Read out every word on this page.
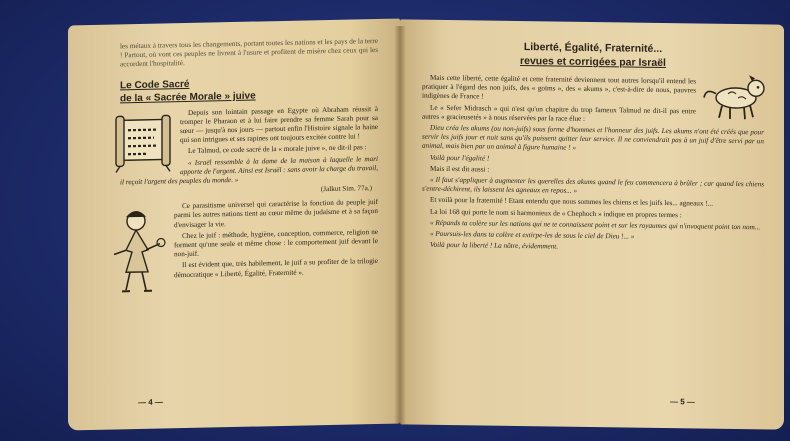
les métaux à travers tous les changements, portant toutes les nations et les pays de la terre ! Partout, où vont ces peuples ne livrent à l'usure et profitent de misère chez ceux qui les accordent l'hospitalité.

Le Code Sacré
de la « Sacrée Morale » juive

Depuis son lointain passage en Egypte où Abraham réussit à tromper le Pharaon et à lui faire prendre sa femme Sarah pour sa sœur — jusqu'à nos jours — partout enfin l'Histoire signale la haine qui son intrigues et ses rapines ont toujours excitée contre lui !

Le Talmud, ce code sacré de la « morale juive », ne dit-il pas :

« Israël ressemble à la dame de la maison à laquelle le mari apporte de l'argent. Ainsi est Israël : sans avoir la charge du travail, il reçoit l'argent des peuples du monde. »

(Jalkut Sim. 77a.)

Ce parasitisme universel qui caractérise la fonction du peuple juif parmi les autres nations tient au cœur même du judaïsme et à sa façon d'envisager la vie.

Chez le juif : méthode, hygiène, conception, commerce, religion ne forment qu'une seule et même chose : le comportement juif devant le non-juif.

Il est évident que, très habilement, le juif a su profiter de la trilogie démocratique « Liberté, Égalité, Fraternité ».

— 4 —
Liberté, Égalité, Fraternité...
revues et corrigées par Israël

Mais cette liberté, cette égalité et cette fraternité deviennent tout autres lorsqu'il entend les pratiquer à l'égard des non juifs, des « goïms », des « akums », c'est-à-dire de nous, pauvres indigènes de France !

Le « Sefer Midrasch » qui n'est qu'un chapitre du trop fameux Talmud ne dit-il pas entre autres « gracieusetés » à nous réservées par la race élue :

Dieu créa les akums (ou non-juifs) sous forme d'hommes et l'honneur des juifs. Les akums n'ont été créés que pour servir les juifs jour et nuit sans qu'ils puissent quitter leur service. Il ne conviendrait pas à un juif d'être servi par un animal, mais bien par un animal à figure humaine ! »

Voilà pour l'égalité !

Mais il est dit aussi :

« Il faut s'appliquer à augmenter les querelles des akums quand le feu commencera à brûler ; car quand les chiens s'entre-déchirent, ils laissent les agneaux en repos... »

Et voilà pour la fraternité ! Etant entendu que nous sommes les chiens et les juifs les... agneaux !...

La loi 168 qui porte le nom si harmonieux de « Chephoch » indique en propres termes :

« Répands ta colère sur les nations qui ne te connaissent point et sur les royaumes qui n'invoquent point ton nom...

« Poursuis-les dans ta colère et extirpe-les de sous le ciel de Dieu !... »

Voilà pour la liberté ! La nôtre, évidemment.

— 5 —
